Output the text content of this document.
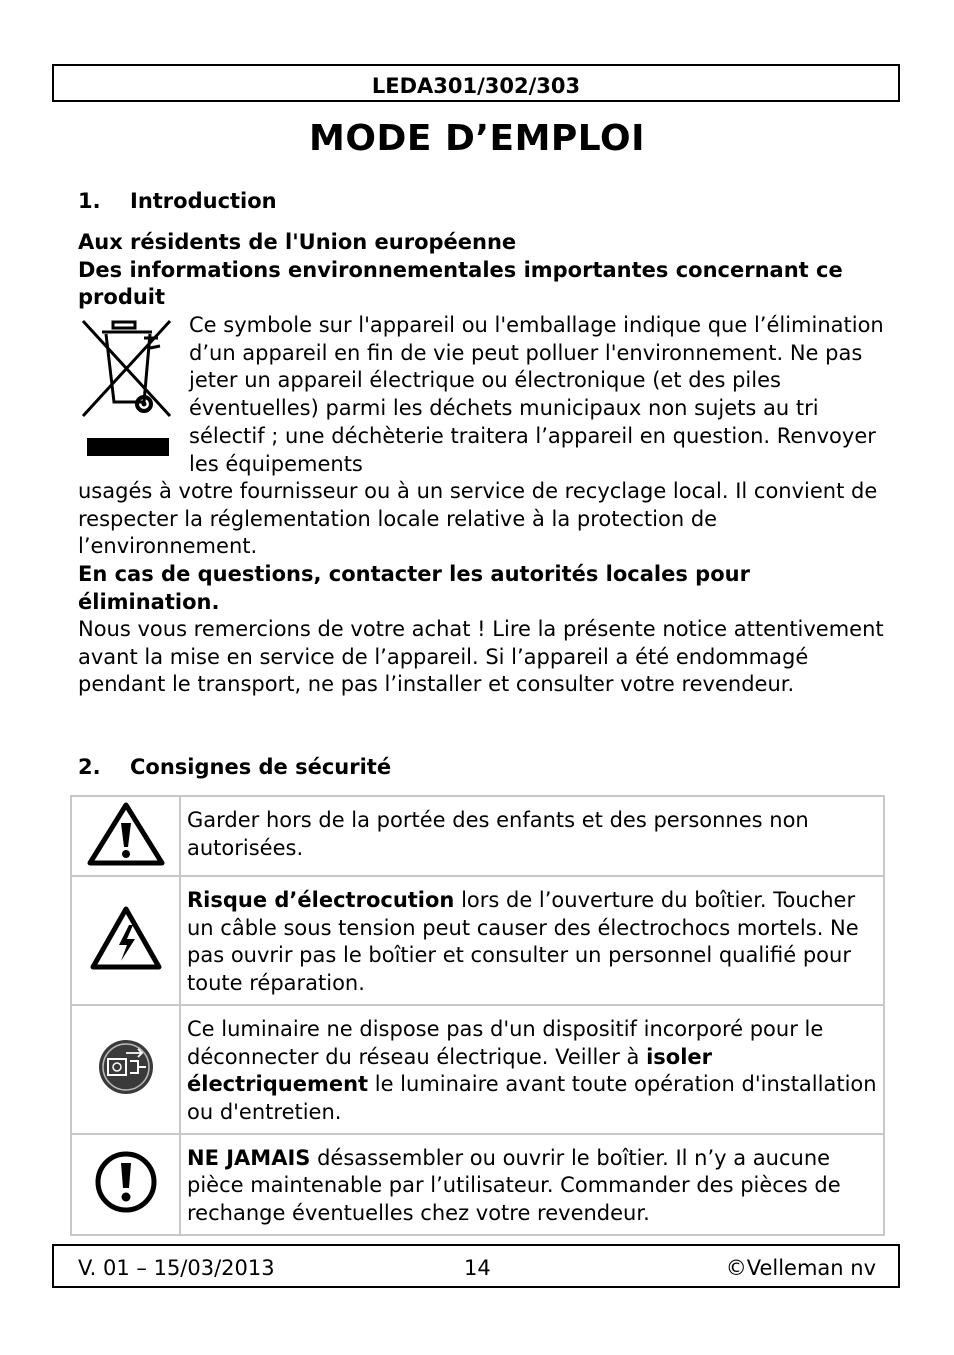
LEDA301/302/303
MODE D’EMPLOI
1. Introduction
Aux résidents de l'Union européenne
Des informations environnementales importantes concernant ce produit
Ce symbole sur l'appareil ou l'emballage indique que l’élimination d’un appareil en fin de vie peut polluer l'environnement. Ne pas jeter un appareil électrique ou électronique (et des piles éventuelles) parmi les déchets municipaux non sujets au tri sélectif ; une déchèterie traitera l’appareil en question. Renvoyer les équipements
usagés à votre fournisseur ou à un service de recyclage local. Il convient de respecter la réglementation locale relative à la protection de l’environnement.
En cas de questions, contacter les autorités locales pour élimination.
Nous vous remercions de votre achat ! Lire la présente notice attentivement avant la mise en service de l’appareil. Si l’appareil a été endommagé pendant le transport, ne pas l’installer et consulter votre revendeur.
2. Consignes de sécurité
	Garder hors de la portée des enfants et des personnes non autorisées.
	Risque d’électrocution lors de l’ouverture du boîtier. Toucher un câble sous tension peut causer des électrochocs mortels. Ne pas ouvrir pas le boîtier et consulter un personnel qualifié pour toute réparation.
	Ce luminaire ne dispose pas d'un dispositif incorporé pour le déconnecter du réseau électrique. Veiller à isoler électriquement le luminaire avant toute opération d'installation ou d'entretien.
	NE JAMAIS désassembler ou ouvrir le boîtier. Il n’y a aucune pièce maintenable par l’utilisateur. Commander des pièces de rechange éventuelles chez votre revendeur.
V. 01 – 15/03/2013	14	©Velleman nv
